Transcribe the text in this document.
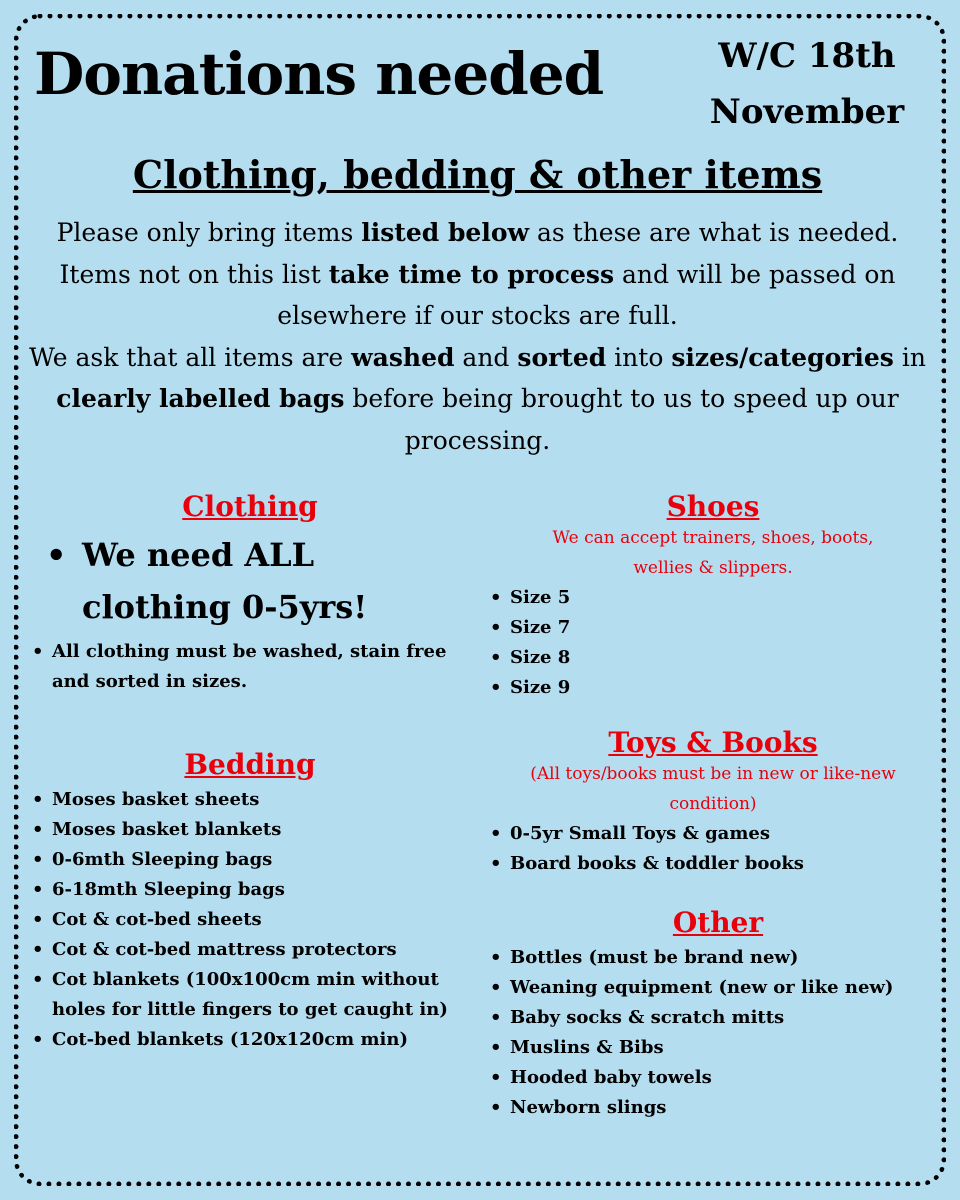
Donations needed	W/C 18th
November
Clothing, bedding & other items
Please only bring items listed below as these are what is needed. Items not on this list take time to process and will be passed on elsewhere if our stocks are full.
We ask that all items are washed and sorted into sizes/categories in clearly labelled bags before being brought to us to speed up our processing.
Clothing
• We need ALL clothing 0-5yrs!
• All clothing must be washed, stain free and sorted in sizes.
Bedding
• Moses basket sheets
• Moses basket blankets
• 0-6mth Sleeping bags
• 6-18mth Sleeping bags
• Cot & cot-bed sheets
• Cot & cot-bed mattress protectors
• Cot blankets (100x100cm min without holes for little fingers to get caught in)
• Cot-bed blankets (120x120cm min)
Shoes
We can accept trainers, shoes, boots, wellies & slippers.
• Size 5
• Size 7
• Size 8
• Size 9
Toys & Books
(All toys/books must be in new or like-new condition)
• 0-5yr Small Toys & games
• Board books & toddler books
Other
• Bottles (must be brand new)
• Weaning equipment (new or like new)
• Baby socks & scratch mitts
• Muslins & Bibs
• Hooded baby towels
• Newborn slings
